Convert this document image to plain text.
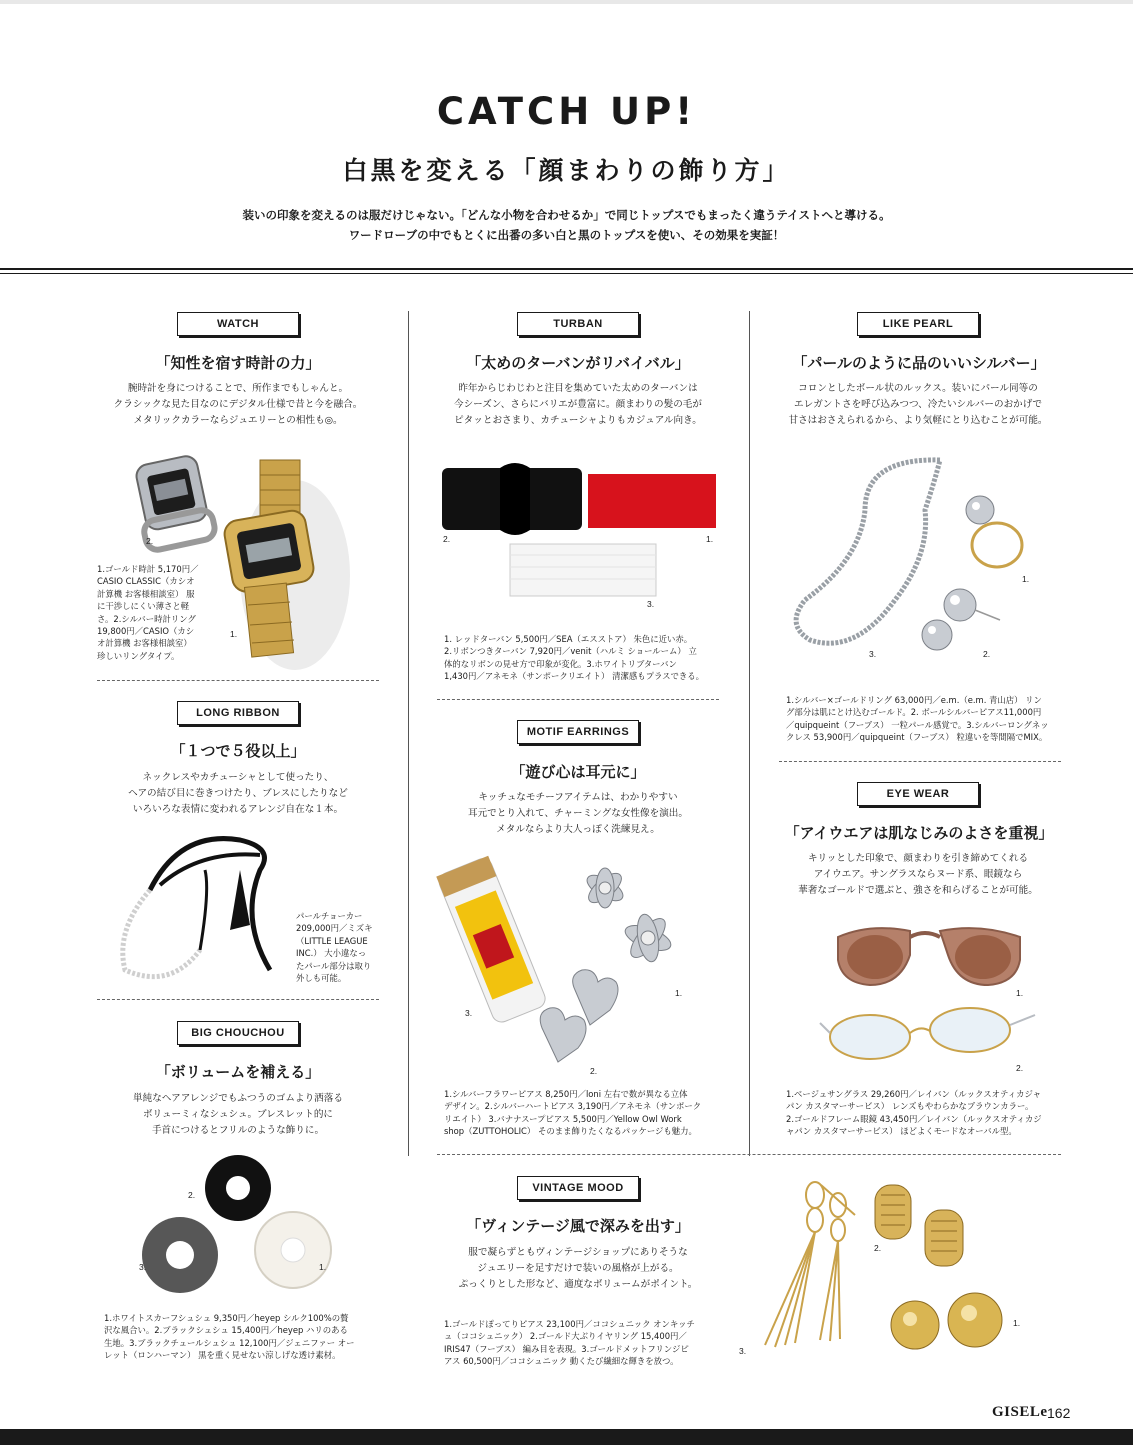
CATCH UP!
白黒を変える「顔まわりの飾り方」
装いの印象を変えるのは服だけじゃない。「どんな小物を合わせるか」で同じトップスでもまったく違うテイストへと導ける。
ワードローブの中でもとくに出番の多い白と黒のトップスを使い、その効果を実証！
WATCH
「知性を宿す時計の力」
腕時計を身につけることで、所作までもしゃんと。
クラシックな見た目なのにデジタル仕様で昔と今を融合。
メタリックカラーならジュエリーとの相性も◎。
2.
1.
1.ゴールド時計 5,170円／
CASIO CLASSIC（カシオ
計算機 お客様相談室） 服
に干渉しにくい薄さと軽
さ。2.シルバー時計リング
19,800円／CASIO（カシ
オ計算機 お客様相談室）
珍しいリングタイプ。
LONG RIBBON
「１つで５役以上」
ネックレスやカチューシャとして使ったり、
ヘアの結び目に巻きつけたり、ブレスにしたりなど
いろいろな表情に変われるアレンジ自在な１本。
パールチョーカー
209,000円／ミズキ
（LITTLE LEAGUE
INC.） 大小違なっ
たパール部分は取り
外しも可能。
BIG CHOUCHOU
「ボリュームを補える」
単純なヘアアレンジでもふつうのゴムより洒落る
ボリューミィなシュシュ。ブレスレット的に
手首につけるとフリルのような飾りに。
2.
3.	1.
1.ホワイトスカーフシュシュ 9,350円／heyep シルク100%の贅
沢な風合い。2.ブラックシュシュ 15,400円／heyep ハリのある
生地。3.ブラックチュールシュシュ 12,100円／ジェニファー オー
レット（ロンハーマン） 黒を重く見せない涼しげな透け素材。
TURBAN
「太めのターバンがリバイバル」
昨年からじわじわと注目を集めていた太めのターバンは
今シーズン、さらにバリエが豊富に。顔まわりの髪の毛が
ピタッとおさまり、カチューシャよりもカジュアル向き。
2.	1.
3.
1. レッドターバン 5,500円／SEA（エスストア） 朱色に近い赤。
2.リボンつきターバン 7,920円／venit（ハルミ ショールーム） 立
体的なリボンの見せ方で印象が変化。3.ホワイトリブターバン
1,430円／アネモネ（サンポークリエイト） 清潔感もプラスできる。
MOTIF EARRINGS
「遊び心は耳元に」
キッチュなモチーフアイテムは、わかりやすい
耳元でとり入れて、チャーミングな女性像を演出。
メタルならより大人っぽく洗練見え。
1.
2.
3.
1.シルバーフラワーピアス 8,250円／loni 左右で数が異なる立体
デザイン。2.シルバーハートピアス 3,190円／アネモネ（サンポーク
リエイト） 3.バナナスープピアス 5,500円／Yellow Owl Work
shop（ZUTTOHOLIC） そのまま飾りたくなるパッケージも魅力。
VINTAGE MOOD
「ヴィンテージ風で深みを出す」
服で凝らずともヴィンテージショップにありそうな
ジュエリーを足すだけで装いの風格が上がる。
ぷっくりとした形など、適度なボリュームがポイント。
1.ゴールドぽってりピアス 23,100円／ココシュニック オンキッチ
ュ（ココシュニック） 2.ゴールド大ぶりイヤリング 15,400円／
IRIS47（フーブス） 編み目を表現。3.ゴールドメットフリンジピ
アス 60,500円／ココシュニック 動くたび繊細な輝きを放つ。
2.
1.
3.
LIKE PEARL
「パールのように品のいいシルバー」
コロンとしたボール状のルックス。装いにパール同等の
エレガントさを呼び込みつつ、冷たいシルバーのおかげで
甘さはおさえられるから、より気軽にとり込むことが可能。
1.
2.
3.
1.シルバー×ゴールドリング 63,000円／e.m.（e.m. 青山店） リン
グ部分は肌にとけ込むゴールド。2. ボールシルバーピアス11,000円
／quipqueint（フーブス） 一粒パール感覚で。3.シルバーロングネッ
クレス 53,900円／quipqueint（フーブス） 粒違いを等間隔でMIX。
EYE WEAR
「アイウエアは肌なじみのよさを重視」
キリッとした印象で、顔まわりを引き締めてくれる
アイウエア。サングラスならヌード系、眼鏡なら
華奢なゴールドで選ぶと、強さを和らげることが可能。
1.
2.
1.ベージュサングラス 29,260円／レイバン（ルックスオティカジャ
パン カスタマーサービス） レンズもやわらかなブラウンカラー。
2.ゴールドフレーム眼鏡 43,450円／レイバン（ルックスオティカジ
ャパン カスタマーサービス） ほどよくモードなオーバル型。
GISELe 162
